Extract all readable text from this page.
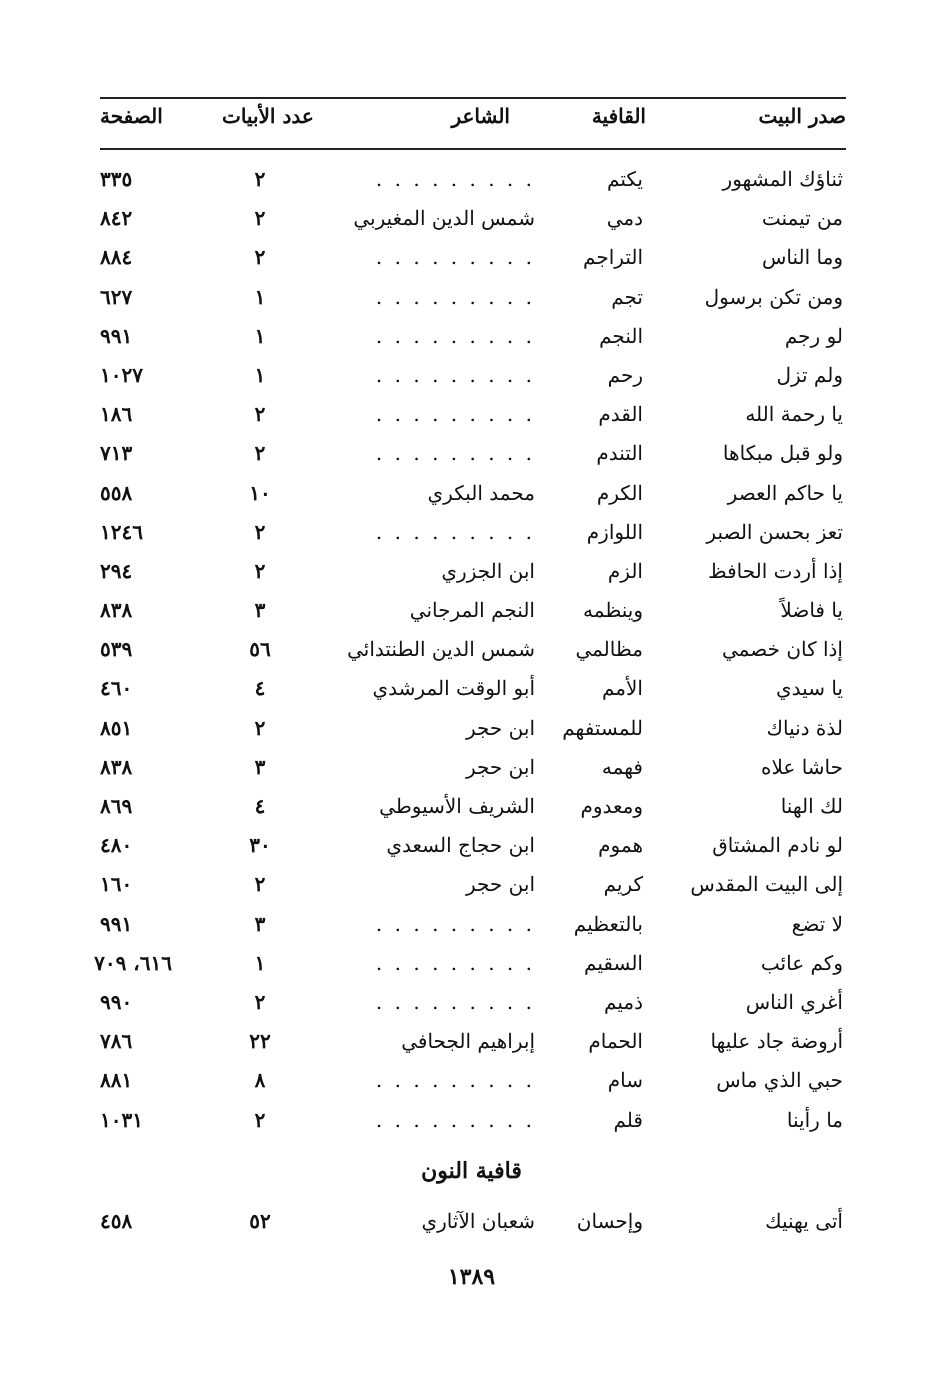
صدر البيت
القافية
الشاعر
عدد الأبيات
الصفحة
ثناؤك المشهور
يكتم
. . . . . . . . .
٢
٣٣٥
من تيمنت
دمي
شمس الدين المغيربي
٢
٨٤٢
وما الناس
التراجم
. . . . . . . . .
٢
٨٨٤
ومن تكن برسول
تجم
. . . . . . . . .
١
٦٢٧
لو رجم
النجم
. . . . . . . . .
١
٩٩١
ولم تزل
رحم
. . . . . . . . .
١
١٠٢٧
يا رحمة الله
القدم
. . . . . . . . .
٢
١٨٦
ولو قبل مبكاها
التندم
. . . . . . . . .
٢
٧١٣
يا حاكم العصر
الكرم
محمد البكري
١٠
٥٥٨
تعز بحسن الصبر
اللوازم
. . . . . . . . .
٢
١٢٤٦
إذا أردت الحافظ
الزم
ابن الجزري
٢
٢٩٤
يا فاضلاً
وينظمه
النجم المرجاني
٣
٨٣٨
إذا كان خصمي
مظالمي
شمس الدين الطنتدائي
٥٦
٥٣٩
يا سيدي
الأمم
أبو الوقت المرشدي
٤
٤٦٠
لذة دنياك
للمستفهم
ابن حجر
٢
٨٥١
حاشا علاه
فهمه
ابن حجر
٣
٨٣٨
لك الهنا
ومعدوم
الشريف الأسيوطي
٤
٨٦٩
لو نادم المشتاق
هموم
ابن حجاج السعدي
٣٠
٤٨٠
إلى البيت المقدس
كريم
ابن حجر
٢
١٦٠
لا تضع
بالتعظيم
. . . . . . . . .
٣
٩٩١
وكم عائب
السقيم
. . . . . . . . .
١
٦١٦، ٧٠٩
أغري الناس
ذميم
. . . . . . . . .
٢
٩٩٠
أروضة جاد عليها
الحمام
إبراهيم الجحافي
٢٢
٧٨٦
حبي الذي ماس
سام
. . . . . . . . .
٨
٨٨١
ما رأينا
قلم
. . . . . . . . .
٢
١٠٣١
قافية النون
أتى يهنيك
وإحسان
شعبان الآثاري
٥٢
٤٥٨
١٣٨٩
